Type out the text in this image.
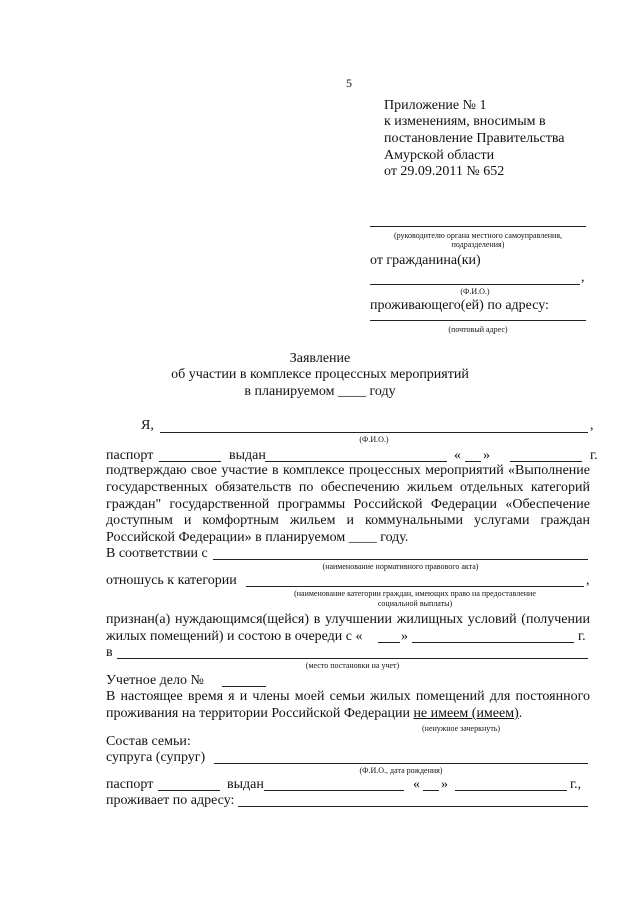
5
Приложение № 1
к изменениям, вносимым в
постановление Правительства
Амурской области
от 29.09.2011 № 652
(руководителю органа местного самоуправления,
подразделения)
от гражданина(ки)
,
(Ф.И.О.)
проживающего(ей) по адресу:
(почтовый адрес)
Заявление
об участии в комплексе процессных мероприятий
в планируемом ____ году
Я,	,
(Ф.И.О.)
паспорт	выдан	« »	г.
подтверждаю свое участие в комплексе процессных мероприятий «Выполнение
государственных обязательств по обеспечению жильем отдельных категорий
граждан" государственной программы Российской Федерации «Обеспечение
доступным и комфортным жильем и коммунальными услугами граждан
Российской Федерации» в планируемом ____ году.
В соответствии с
(наименование нормативного правового акта)
отношусь к категории	,
(наименование категории граждан, имеющих право на предоставление
социальной выплаты)
признан(а) нуждающимся(щейся) в улучшении жилищных условий (получении
жилых помещений) и состою в очереди с «	»	г.
в
(место постановки на учет)
Учетное дело №
В настоящее время я и члены моей семьи жилых помещений для постоянного
проживания на территории Российской Федерации не имеем (имеем).
(ненужное зачеркнуть)
Состав семьи:
супруга (супруг)
(Ф.И.О., дата рождения)
паспорт	выдан	« »	г.,
проживает по адресу:
